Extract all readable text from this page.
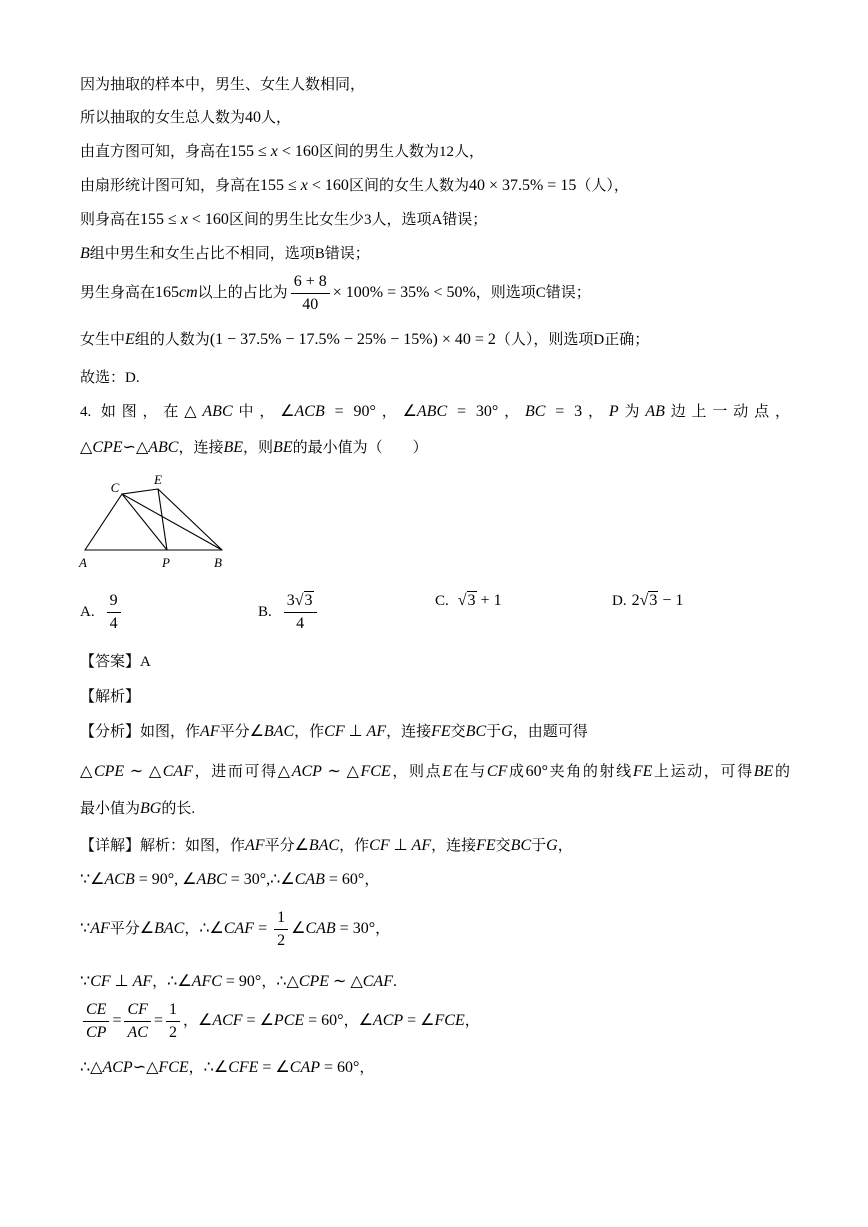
因为抽取的样本中，男生、女生人数相同，
所以抽取的女生总人数为40人，
由直方图可知，身高在155 ≤ x < 160区间的男生人数为12人，
由扇形统计图可知，身高在155 ≤ x < 160区间的女生人数为40 × 37.5% = 15（人），
则身高在155 ≤ x < 160区间的男生比女生少3人，选项A错误；
B组中男生和女生占比不相同，选项B错误；
男生身高在165cm以上的占比为 $\frac{6 + 8}{40} \times 100\% = 35\% < 50\%$，则选项C错误；
女生中E组的人数为(1 − 37.5% − 17.5% − 25% − 15%) × 40 = 2（人），则选项D正确；
故选：D.
4. 如图，在△ABC中，∠ACB = 90°，∠ABC = 30°，BC = 3，P为AB边上一动点，
△CPE∽△ABC，连接BE，则BE的最小值为（　　）
C
E
A	P	B
A. $\frac{9}{4}$	B. $\frac{3√3}{4}$	C. √3 + 1	D. 2√3 − 1
【答案】A
【解析】
【分析】如图，作AF平分∠BAC，作CF ⊥ AF，连接FE交BC于G，由题可得
△CPE ∼ △CAF，进而可得△ACP ∼ △FCE，则点E在与CF成60°夹角的射线FE上运动，可得BE的
最小值为BG的长.
【详解】解析：如图，作AF平分∠BAC，作CF ⊥ AF，连接FE交BC于G，
∵∠ACB = 90°, ∠ABC = 30°,∴∠CAB = 60°，
∵AF平分∠BAC，∴∠CAF = $\frac{1}{2}$ ∠CAB = 30°，
∵CF ⊥ AF，∴∠AFC = 90°，∴△CPE ∼ △CAF.
$\frac{CE}{CP} = \frac{CF}{AC} = \frac{1}{2}$ ，∠ACF = ∠PCE = 60°，∠ACP = ∠FCE，
∴△ACP∽△FCE，∴∠CFE = ∠CAP = 60°，
